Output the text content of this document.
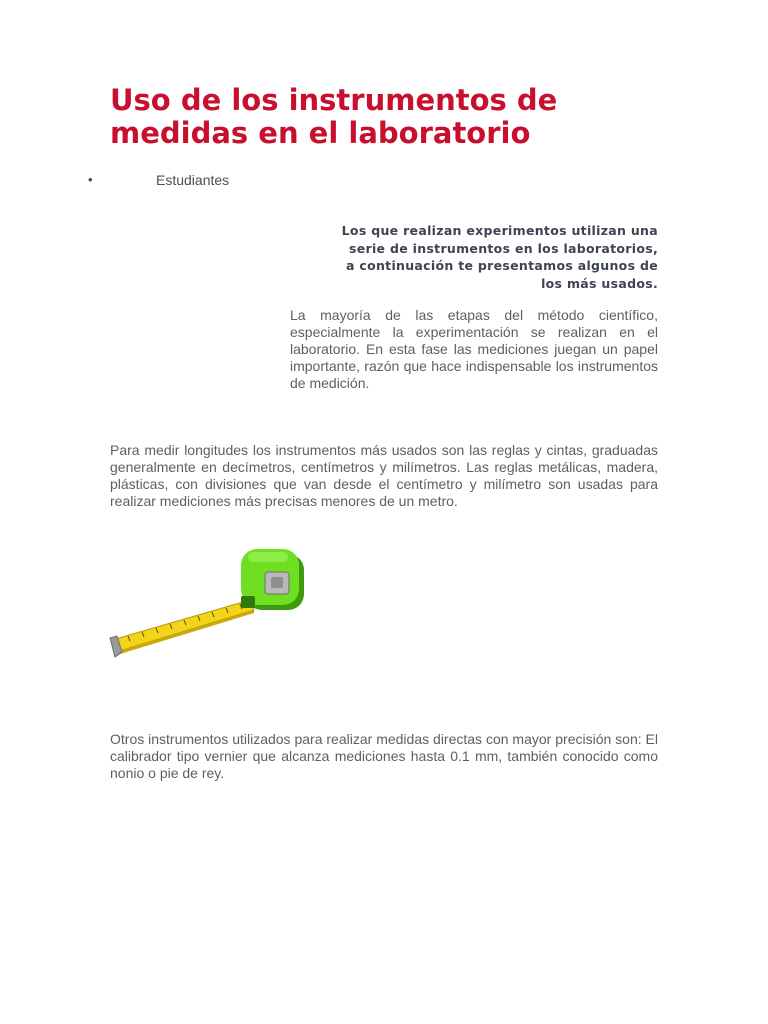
Uso de los instrumentos de medidas en el laboratorio
•	Estudiantes

Los que realizan experimentos utilizan una serie de instrumentos en los laboratorios, a continuación te presentamos algunos de los más usados.

La mayoría de las etapas del método científico, especialmente la experimentación se realizan en el laboratorio. En esta fase las mediciones juegan un papel importante, razón que hace indispensable los instrumentos de medición.

Para medir longitudes los instrumentos más usados son las reglas y cintas, graduadas generalmente en decímetros, centímetros y milímetros. Las reglas metálicas, madera, plásticas, con divisiones que van desde el centímetro y milímetro son usadas para realizar mediciones más precisas menores de un metro.

Otros instrumentos utilizados para realizar medidas directas con mayor precisión son: El calibrador tipo vernier que alcanza mediciones hasta 0.1 mm, también conocido como nonio o pie de rey.
